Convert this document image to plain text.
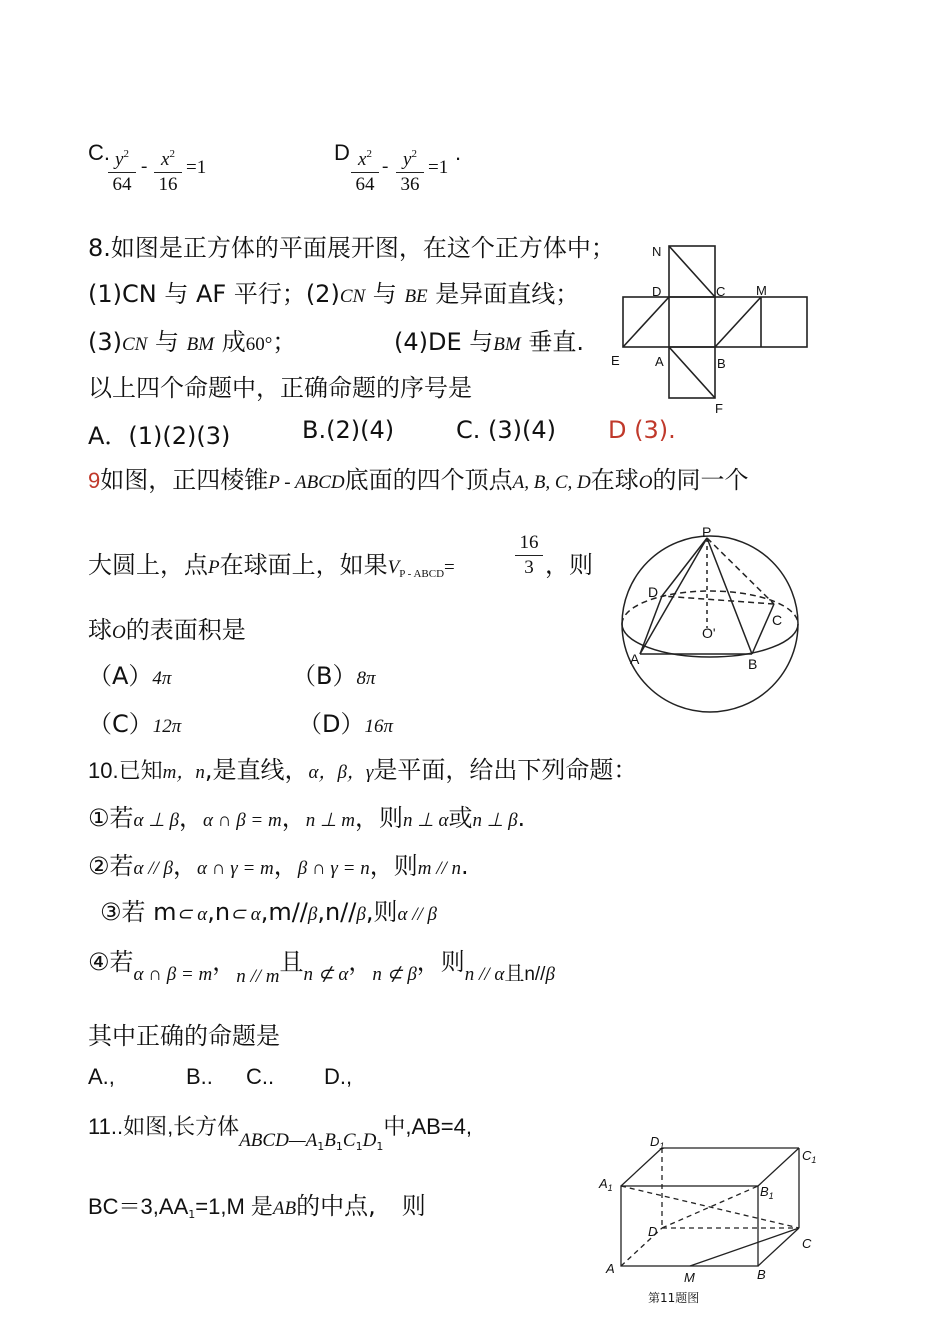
C. $y^2$
64
- $x^2$
16
=1
D $x^2$
64
- $y^2$
36
=1
.
8.如图是正方体的平面展开图，在这个正方体中；
(1)CN 与 AF 平行；(2)CN 与 BE 是异面直线；
(3)CN 与 BM 成60°；	(4)DE 与BM 垂直.
以上四个命题中，正确命题的序号是
A．(1)(2)(3)	B.(2)(4)	C. (3)(4) D (3).
N
D	C M
E	A	B
F
9如图，正四棱锥P - ABCD底面的四个顶点A, B, C, D在球O的同一个
大圆上，点P在球面上，如果$V_{P - ABCD}=$
16
3 ，则
球O的表面积是
（A）4π	（B）8π
（C）12π	（D）16π
P
D
C
O'
A	B
10.已知m，n,是直线，α，β，γ是平面，给出下列命题：
①若α ⊥ β，α ∩ β = m，n ⊥ m，则n ⊥ α或n ⊥ β.
②若α // β，α ∩ γ = m，β ∩ γ = n，则m // n.
③若 m⊂ α,n⊂ α,m//β,n//β,则α // β
④若$_{\alpha \cap \beta = m}$，$_{n // m}$且$_{n ⊄ \alpha}$，$_{n ⊄ \beta}$，则$_{n // \alpha 且n//\beta}$
其中正确的命题是
A.,	B.. C.. D.,
11..如图,长方体$_{ABCD—A1B1C1D1}$中,AB=4,
$BC=3,AA_1=1,M$ 是AB的中点, 则
$D_1$
$C_1$
$A_1$	$B_1$
D
C
A	B
M
第11题图
